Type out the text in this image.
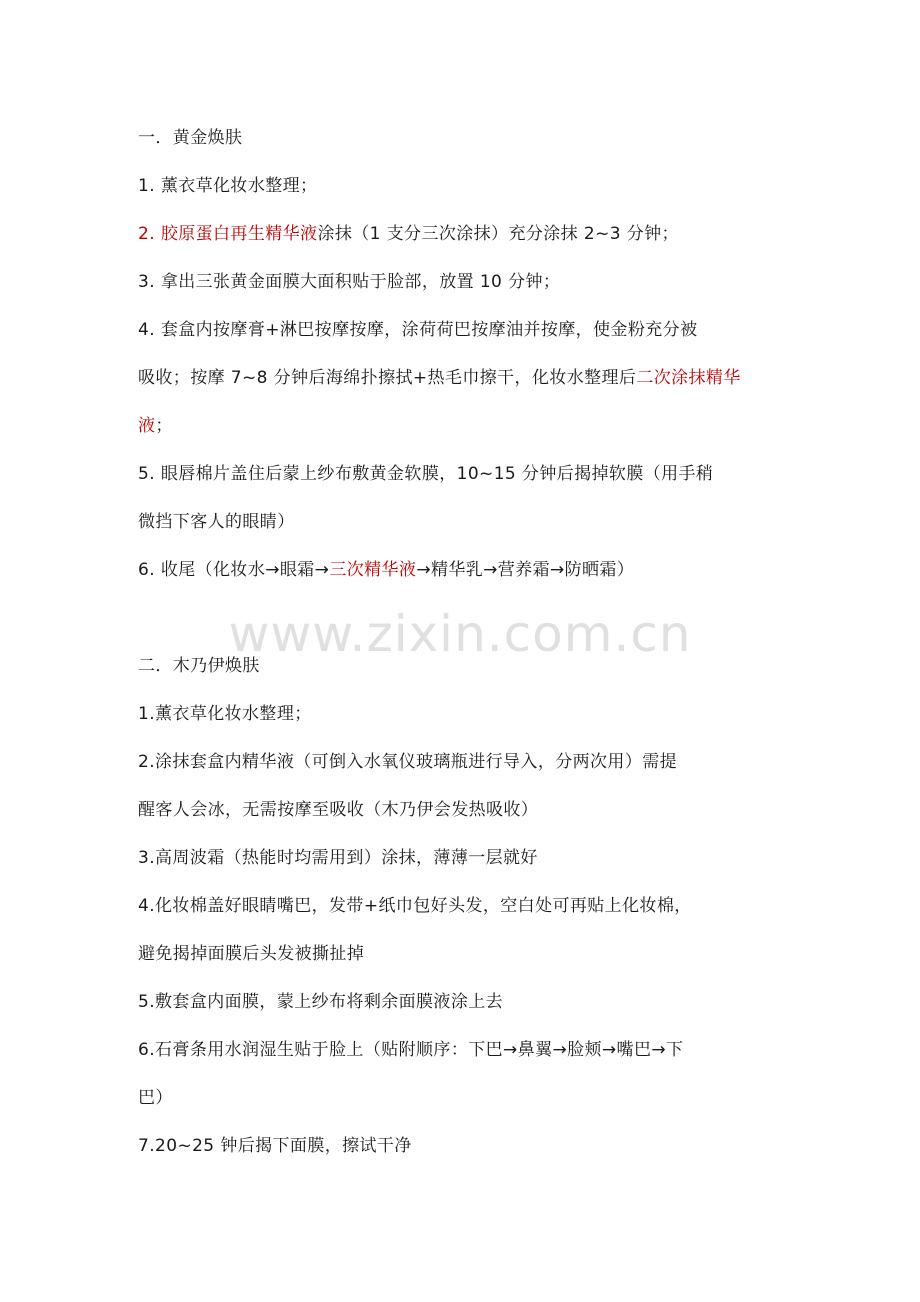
www.zixin.com.cn
一．黄金焕肤
1. 薰衣草化妆水整理；
2. 胶原蛋白再生精华液涂抹（1 支分三次涂抹）充分涂抹 2~3 分钟；
3. 拿出三张黄金面膜大面积贴于脸部，放置 10 分钟；
4. 套盒内按摩膏+淋巴按摩按摩，涂荷荷巴按摩油并按摩，使金粉充分被
吸收；按摩 7~8 分钟后海绵扑擦拭+热毛巾擦干，化妆水整理后二次涂抹精华
液；
5. 眼唇棉片盖住后蒙上纱布敷黄金软膜，10~15 分钟后揭掉软膜（用手稍
微挡下客人的眼睛）
6. 收尾（化妆水→眼霜→三次精华液→精华乳→营养霜→防晒霜）
二．木乃伊焕肤
1.薰衣草化妆水整理；
2.涂抹套盒内精华液（可倒入水氧仪玻璃瓶进行导入，分两次用）需提
醒客人会冰，无需按摩至吸收（木乃伊会发热吸收）
3.高周波霜（热能时均需用到）涂抹，薄薄一层就好
4.化妆棉盖好眼睛嘴巴，发带+纸巾包好头发，空白处可再贴上化妆棉，
避免揭掉面膜后头发被撕扯掉
5.敷套盒内面膜，蒙上纱布将剩余面膜液涂上去
6.石膏条用水润湿生贴于脸上（贴附顺序：下巴→鼻翼→脸颊→嘴巴→下
巴）
7.20~25 钟后揭下面膜，擦试干净
